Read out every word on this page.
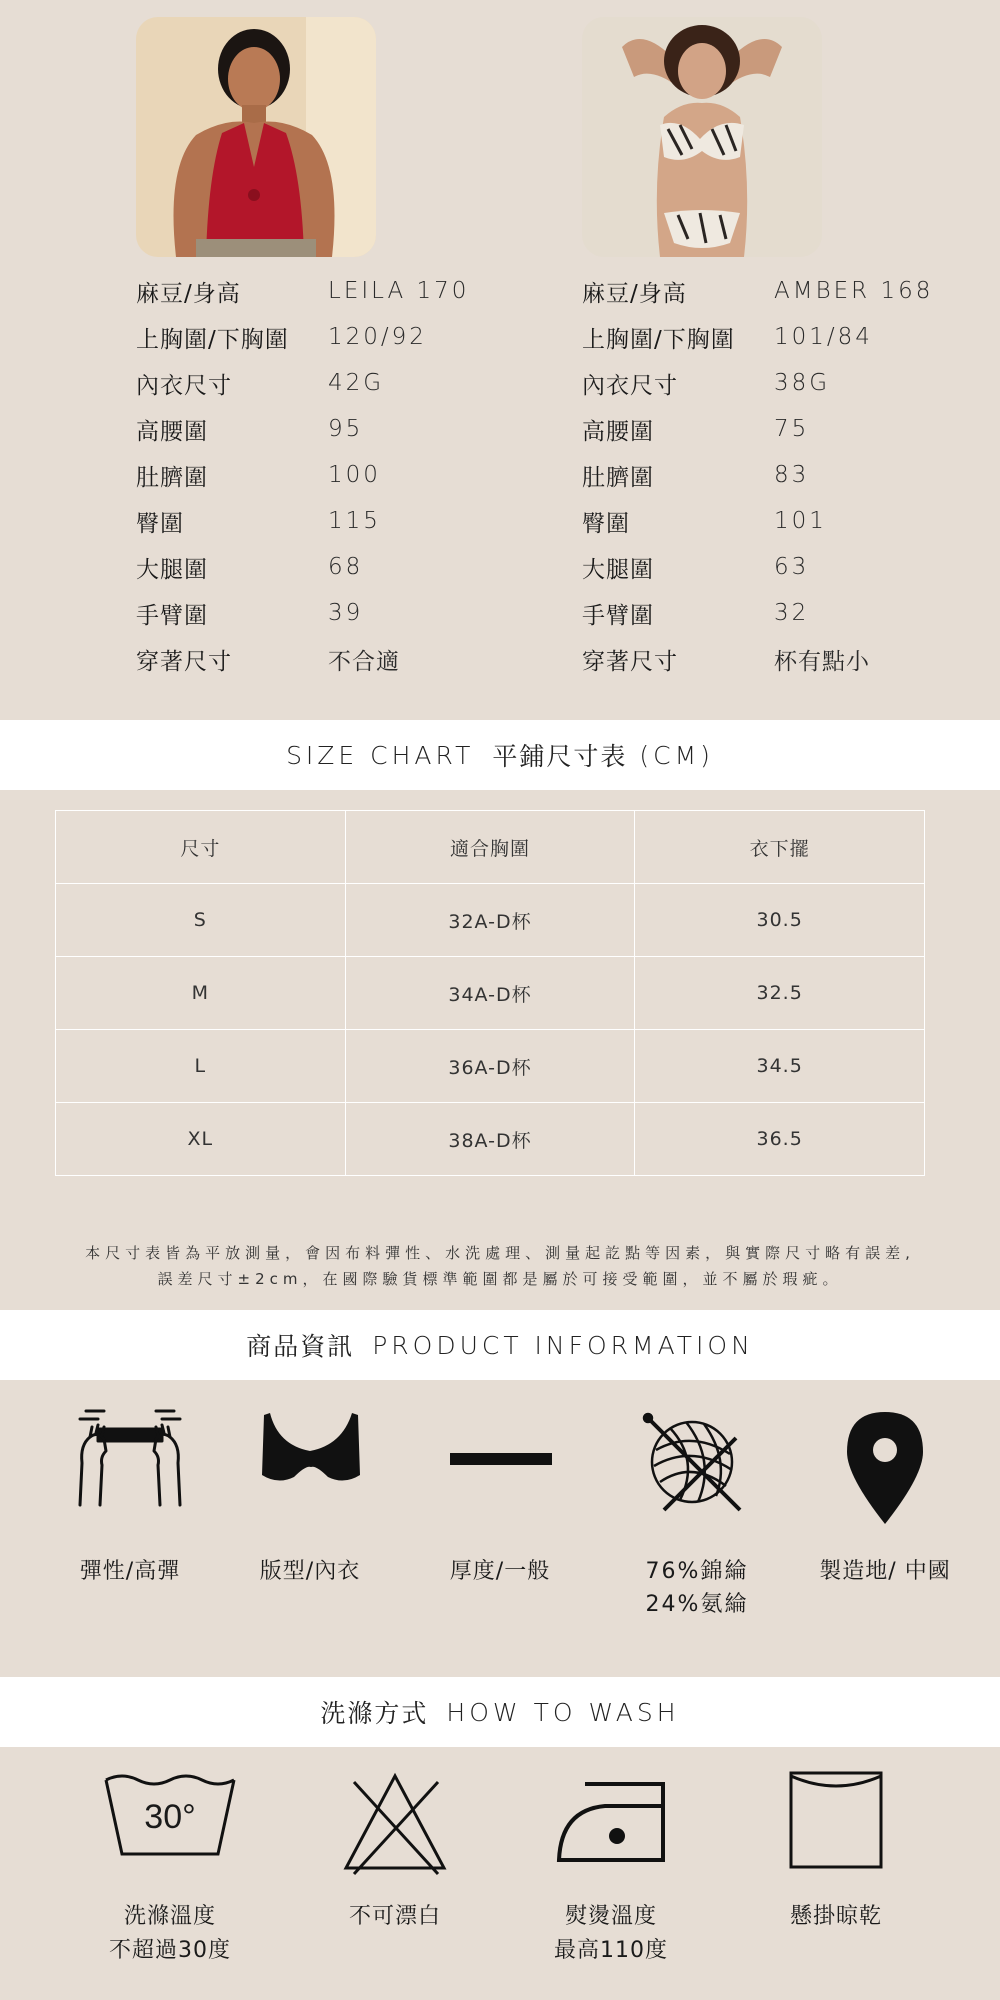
麻豆/身高	LEILA 170
上胸圍/下胸圍	120/92
內衣尺寸	42G
高腰圍	95
肚臍圍	100
臀圍	115
大腿圍	68
手臂圍	39
穿著尺寸	不合適
麻豆/身高	AMBER 168
上胸圍/下胸圍	101/84
內衣尺寸	38G
高腰圍	75
肚臍圍	83
臀圍	101
大腿圍	63
手臂圍	32
穿著尺寸	杯有點小
SIZE CHART 平鋪尺寸表 (CM)
尺寸	適合胸圍	衣下擺
S	32A-D杯	30.5
M	34A-D杯	32.5
L	36A-D杯	34.5
XL	38A-D杯	36.5
本尺寸表皆為平放測量，會因布料彈性、水洗處理、測量起訖點等因素，與實際尺寸略有誤差,
誤差尺寸±2cm，在國際驗貨標準範圍都是屬於可接受範圍，並不屬於瑕疵。
商品資訊 PRODUCT INFORMATION
彈性/高彈	版型/內衣	厚度/一般	76%錦綸
24%氨綸
製造地/ 中國
洗滌方式 HOW TO WASH
30°
洗滌溫度
不超過30度
不可漂白	熨燙溫度
最高110度
懸掛晾乾
